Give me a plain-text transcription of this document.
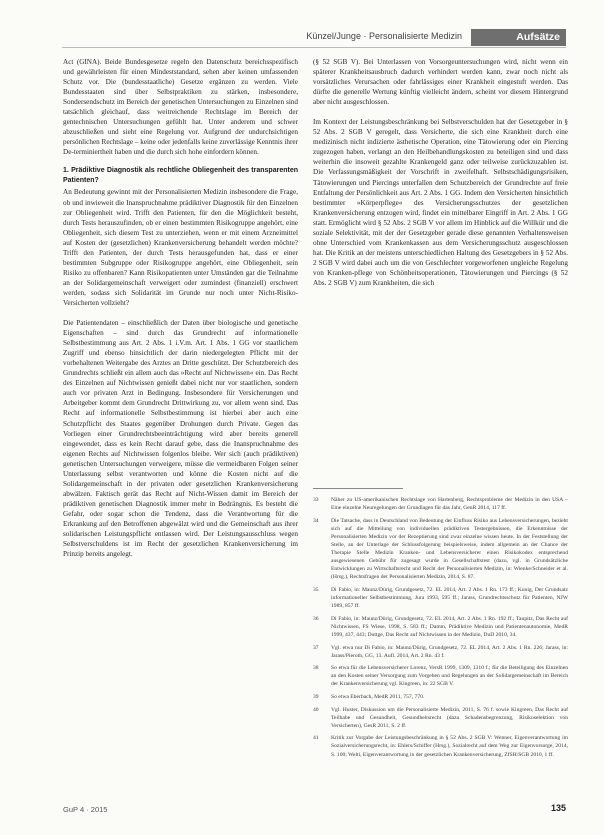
Künzel/Junge · Personalisierte Medizin	Aufsätze

Act (GINA). Beide Bundesgesetze regeln den Datenschutz bereichsspezifisch und gewährleisten für einen Mindeststandard, sehen aber keinen umfassenden Schutz vor. Die (bundesstaatliche) Gesetze ergänzen zu werden. Viele Bundesstaaten sind über Selbstpraktiken zu stärken, insbesondere, Sondersendschutz im Bereich der genetischen Untersuchungen zu Einzelnen sind tatsächlich gleichauf, dass weitreichende Rechtslage im Bereich der gentechnischen Untersuchungen gefühlt hat. Unter anderem und schwer abzuschließen und sieht eine Regelung vor. Aufgrund der undurchsichtigen persönlichen Rechtslage – keine oder jedenfalls keine zuverlässige Kenntnis ihrer De-terminiertheit haben und die durch sich hohe einfordern können.

1. Prädiktive Diagnostik als rechtliche Obliegenheit des transparenten Patienten?

An Bedeutung gewinnt mit der Personalisierten Medizin insbesondere die Frage, ob und inwieweit die Inanspruchnahme prädiktiver Diagnostik für den Einzelnen zur Obliegenheit wird. Trifft den Patienten, für den die Möglichkeit besteht, durch Tests herauszufinden, ob er einen bestimmten Risikogruppe angehört, eine Obliegenheit, sich diesem Test zu unterziehen, wenn er mit einem Arzneimittel auf Kosten der (gesetzlichen) Krankenversicherung behandelt werden möchte? Trifft den Patienten, der durch Tests herausgefunden hat, dass er einer bestimmten Subgruppe oder Risikogruppe angehört, eine Obliegenheit, sein Risiko zu offenbaren? Kann Risikopatienten unter Umständen gar die Teilnahme an der Solidargemeinschaft verweigert oder zumindest (finanziell) erschwert werden, sodass sich Solidarität im Grunde nur noch unter Nicht-Risiko-Versicherten vollzieht?

Die Patientendaten – einschließlich der Daten über biologische und genetische Eigenschaften – sind durch das Grundrecht auf informationelle Selbstbestimmung aus Art. 2 Abs. 1 i.V.m. Art. 1 Abs. 1 GG vor staatlichem Zugriff und ebenso hinsichtlich der darin niedergelegten Pflicht mit der vorbehaltenen Weitergabe des Arztes an Dritte geschützt. Der Schutzbereich des Grundrechts schließt ein allem auch das »Recht auf Nichtwissen« ein. Das Recht des Einzelnen auf Nichtwissen genießt dabei nicht nur vor staatlichen, sondern auch vor privaten Arzt in Bedingung. Insbesondere für Versicherungen und Arbeitgeber kommt dem Grundrecht Drittwirkung zu, vor allem wenn sind. Das Recht auf informationelle Selbstbestimmung ist hierbei aber auch eine Schutzpflicht des Staates gegenüber Drohungen durch Private. Gegen das Vorliegen einer Grundrechtsbeeinträchtigung wird aber bereits generell eingewendet, dass es kein Recht darauf gebe, dass die Inanspruchnahme des eigenen Rechts auf Nichtwissen folgenlos bleibe. Wer sich (auch prädiktiven) genetischen Untersuchungen verweigere, müsse die vermeidbaren Folgen seiner Unterlassung selbst verantworten und könne die Kosten nicht auf die Solidargemeinschaft in der privaten oder gesetzlichen Krankenversicherung abwälzen. Faktisch gerät das Recht auf Nicht-Wissen damit im Bereich der prädiktiven genetischen Diagnostik immer mehr in Bedrängnis. Es besteht die Gefahr, oder sogar schon die Tendenz, dass die Verantwortung für die Erkrankung auf den Betroffenen abgewälzt wird und die Gemeinschaft aus ihrer solidarischen Leistungspflicht entlassen wird. Der Leistungsausschluss wegen Selbstverschuldens ist im Recht der gesetzlichen Krankenversicherung im Prinzip bereits angelegt.

(§ 52 SGB V). Bei Unterlassen von Vorsorgeuntersuchungen wird, nicht wenn ein späterer Krankheitsausbruch dadurch verhindert werden kann, zwar noch nicht als vorsätzliches Verursachen oder fahrlässiges einer Krankheit eingestuft werden. Das dürfte die generelle Wertung künftig vielleicht ändern, scheint vor diesem Hintergrund aber nicht ausgeschlossen.

Im Kontext der Leistungsbeschränkung bei Selbstverschulden hat der Gesetzgeber in § 52 Abs. 2 SGB V geregelt, dass Versicherte, die sich eine Krankheit durch eine medizinisch nicht indizierte ästhetische Operation, eine Tätowierung oder ein Piercing zugezogen haben, verlangt an den Heilbehandlungskosten zu beteiligen sind und dass weiterhin die insoweit gezahlte Krankengeld ganz oder teilweise zurückzuzahlen ist. Die Verfassungsmäßigkeit der Vorschrift in zweifelhaft. Selbstschädigungsrisiken, Tätowierungen und Piercings unterfallen dem Schutzbereich der Grundrechte auf freie Entfaltung der Persönlichkeit aus Art. 2 Abs. 1 GG. Indem den Versicherten hinsichtlich bestimmter »Körperpflege« des Versicherungsschutzes der gesetzlichen Krankenversicherung entzogen wird, findet ein mittelbarer Eingriff in Art. 2 Abs. 1 GG statt. Ermöglicht wird § 52 Abs. 2 SGB V vor allem im Hinblick auf die Willkür und die soziale Selektivität, mit der der Gesetzgeber gerade diese genannten Verhaltensweisen ohne Unterschied vom Krankenkassen aus dem Versicherungsschutz ausgeschlossen hat. Die Kritik an der meistens unterschiedlichen Haltung des Gesetzgebers in § 52 Abs. 2 SGB V wird dabei auch um die von Geschlechter vorgeworfenen ungleiche Regelung von Kranken-pflege von Schönheitsoperationen, Tätowierungen und Piercings (§ 52 Abs. 2 SGB V) zum Krankheiten, die sich

33	Näher zu US-amerikanischen Rechtslage von Hartenberg, Rechtsprobleme der Medizin in den USA – Eine einzelne Neuregelungen der Grundlagen für das Jahr, GenR 2014, 117 ff.
34	Die Tatsache, dass in Deutschland von Bedeutung der Einfluss Risiko aus Lebensversicherungen, bezieht sich auf die Mitteilung von individuellen prädiktiven Testergebnissen, die Erkenntnisse der Personalisierten Medizin vor der Rezeptierung sind zwar einzelne wissen heute. In der Feststellung der Stelle, an der Unterlage der Schlussfolgerung beispielsweise, indem allgemein an der Chance der Therapie Stelle Medizin Kranken- und Lebensversicherer einen Risikokodex entsprechend ausgewiesenen Gebühr für zugesagt wurde in Gesellschaftstest (dazu, vgl. in Grundsätzliche Entwicklungen zu Wirtschaftsrecht und Recht der Personalisierten Medizin, in: Wienke/Schneider et al. (Hrsg.), Rechtsfragen der Personalisierten Medizin, 2014, S. 87.
35	Di Fabio, in: Maunz/Dürig, Grundgesetz, 72. EL 2014, Art. 2 Abs. 1 Rn. 173 ff.; Kunig, Der Grundsatz informationeller Selbstbestimmung, Jura 1993, 595 ff.; Jarass, Grundrechtsschutz für Patienten, NJW 1989, 857 ff.
36	Di Fabio, in: Maunz/Dürig, Grundgesetz, 72. EL 2014, Art. 2 Abs. 1 Rn. 192 ff.; Taupitz, Das Recht auf Nichtwissen, FS Wiese, 1998, S. 583 ff.; Damm, Prädiktive Medizin und Patientenautonomie, MedR 1999, 437, 443; Duttge, Das Recht auf Nichtwissen in der Medizin, DuD 2010, 34.
37	Vgl. etwa nur Di Fabio, in: Maunz/Dürig, Grundgesetz, 72. EL 2014, Art. 2 Abs. 1 Rn. 226; Jarass, in: Jarass/Pieroth, GG, 13. Aufl. 2014, Art. 2 Rn. 43 f.
38	So etwa für die Lebensversicherer Lorenz, VersR 1999, 1309, 1310 f.; für die Beteiligung des Einzelnen an den Kosten seiner Versorgung zum Vorgehen und Regelungen an der Solidargemeinschaft im Bereich der Krankenversicherung vgl. Kingreen, in: 22 SGB V.
39	So etwa Eberbach, MedR 2011, 757, 770.
40	Vgl. Huster, Diskussion um die Personalisierte Medizin, 2011, S. 76 f. sowie Kingreen, Das Recht auf Teilhabe und Gesundheit, Gesundheitsrecht (dazu Schadensbegrenzung, Risikoselektion von Versicherten), GesR 2011, S. 2 ff.
41	Kritik zur Vorgabe der Leistungsbeschränkung in § 52 Abs. 2 SGB V: Wenner, Eigenverantwortung im Sozialversicherungsrecht, in: Ehlers/Schiffer (Hrsg.), Sozialrecht auf dem Weg zur Eigenvorsorge, 2014, S. 100; Welti, Eigenverantwortung in der gesetzlichen Krankenversicherung, ZfSH/SGB 2010, 1 ff.
GuP 4 · 2015	135
